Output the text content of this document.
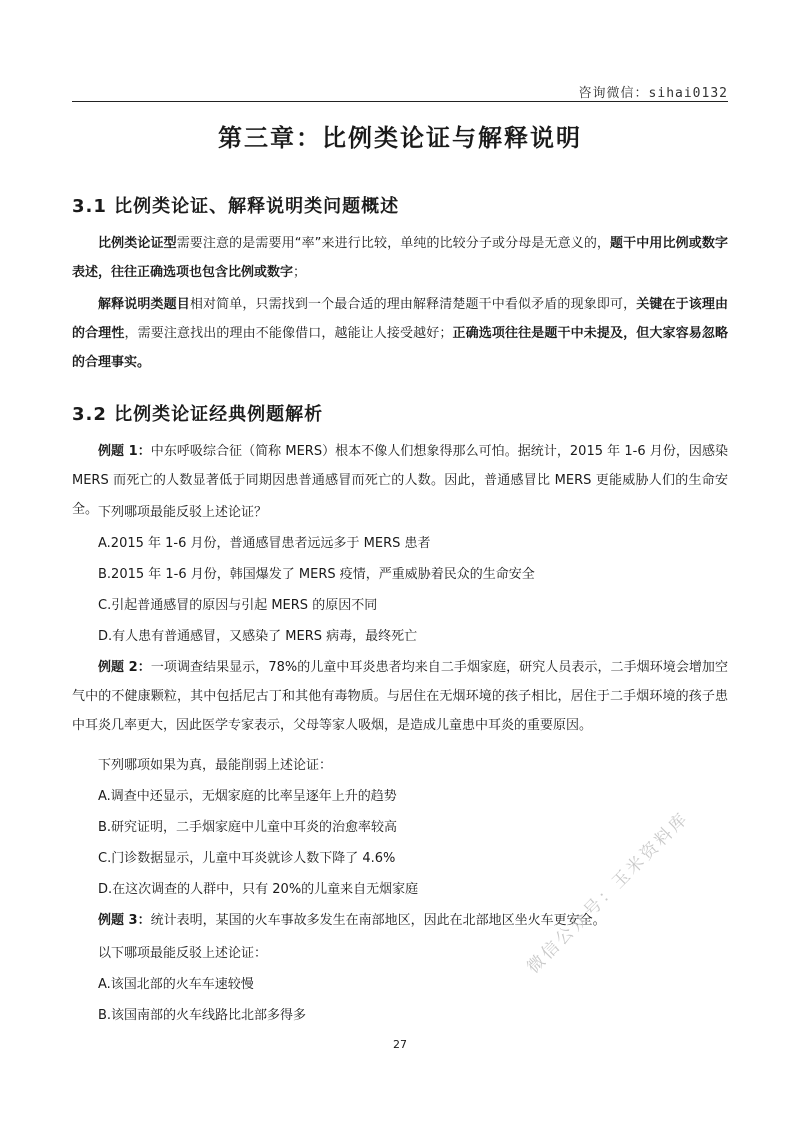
咨询微信：sihai0132
第三章：比例类论证与解释说明
3.1 比例类论证、解释说明类问题概述

比例类论证型需要注意的是需要用“率”来进行比较，单纯的比较分子或分母是无意义的，题干中用比例或数字表述，往往正确选项也包含比例或数字；

解释说明类题目相对简单，只需找到一个最合适的理由解释清楚题干中看似矛盾的现象即可，关键在于该理由的合理性，需要注意找出的理由不能像借口，越能让人接受越好；正确选项往往是题干中未提及，但大家容易忽略的合理事实。

3.2 比例类论证经典例题解析

例题 1：中东呼吸综合征（简称 MERS）根本不像人们想象得那么可怕。据统计，2015 年 1-6 月份，因感染 MERS 而死亡的人数显著低于同期因患普通感冒而死亡的人数。因此，普通感冒比 MERS 更能威胁人们的生命安全。 下列哪项最能反驳上述论证？
A.2015 年 1-6 月份，普通感冒患者远远多于 MERS 患者
B.2015 年 1-6 月份，韩国爆发了 MERS 疫情，严重威胁着民众的生命安全
C.引起普通感冒的原因与引起 MERS 的原因不同
D.有人患有普通感冒，又感染了 MERS 病毒，最终死亡

例题 2：一项调查结果显示，78%的儿童中耳炎患者均来自二手烟家庭，研究人员表示，二手烟环境会增加空气中的不健康颗粒，其中包括尼古丁和其他有毒物质。与居住在无烟环境的孩子相比，居住于二手烟环境的孩子患中耳炎几率更大，因此医学专家表示，父母等家人吸烟，是造成儿童患中耳炎的重要原因。

下列哪项如果为真，最能削弱上述论证：
A.调查中还显示，无烟家庭的比率呈逐年上升的趋势
B.研究证明，二手烟家庭中儿童中耳炎的治愈率较高
C.门诊数据显示，儿童中耳炎就诊人数下降了 4.6%
D.在这次调查的人群中，只有 20%的儿童来自无烟家庭

例题 3：统计表明，某国的火车事故多发生在南部地区，因此在北部地区坐火车更安全。

以下哪项最能反驳上述论证：
A.该国北部的火车车速较慢
B.该国南部的火车线路比北部多得多
27
微信公众号：玉米资料库
